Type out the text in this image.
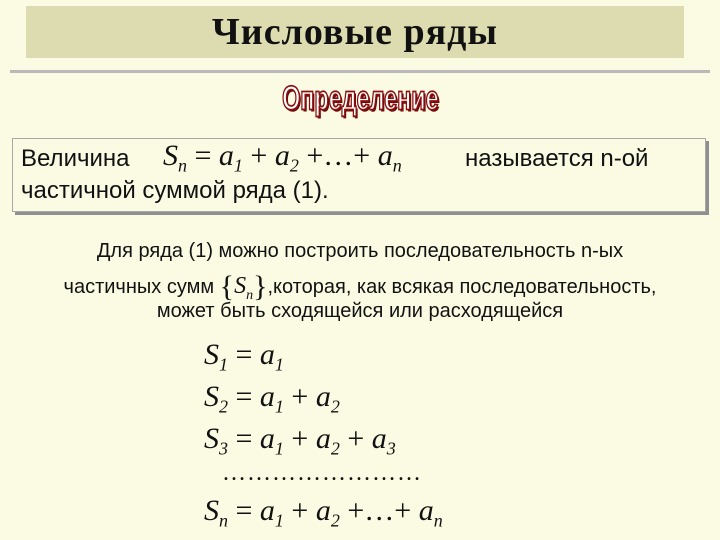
Числовые ряды
Определение
Величина $S_n = a_1 + a_2$ +…+ $a_n$	называется n-ой
частичной суммой ряда (1).
Для ряда (1) можно построить последовательность n-ых
частичных сумм $\{S_n\},которая$, как всякая последовательность,
может быть сходящейся или расходящейся
$S_1 = a_1$
$S_2 = a_1 + a_2$
$S_3 = a_1 + a_2 + a_3$
……………………
$S_n = a_1 + a_2$ +…+ $a_n$
